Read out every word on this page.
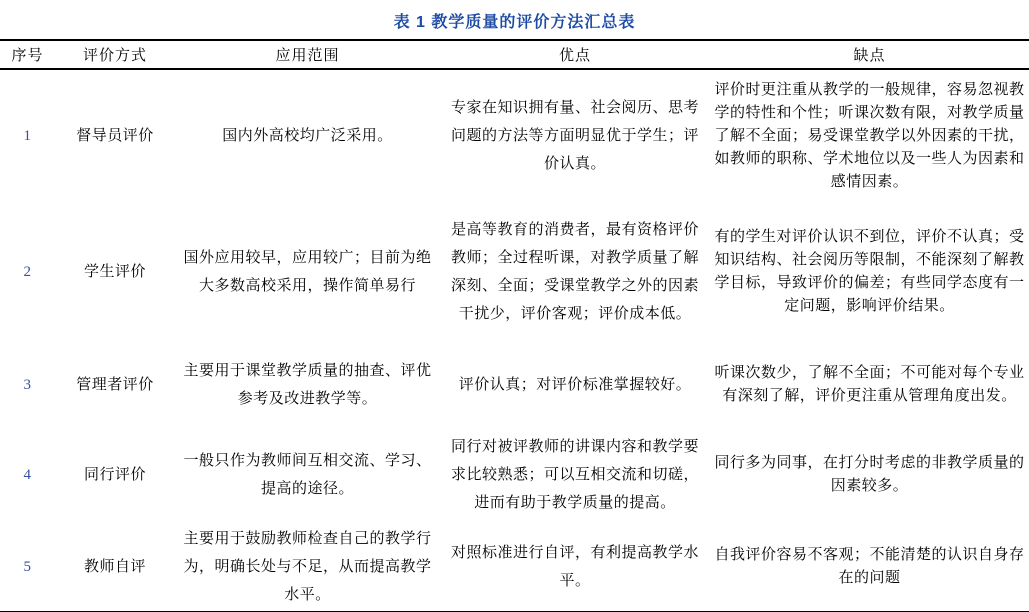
表 1 教学质量的评价方法汇总表
序号	评价方式	应用范围	优点	缺点
1	督导员评价	国内外高校均广泛采用。	专家在知识拥有量、社会阅历、思考问题的方法等方面明显优于学生；评价认真。	评价时更注重从教学的一般规律，容易忽视教学的特性和个性；听课次数有限，对教学质量了解不全面；易受课堂教学以外因素的干扰，如教师的职称、学术地位以及一些人为因素和感情因素。
2	学生评价	国外应用较早，应用较广；目前为绝大多数高校采用，操作简单易行	是高等教育的消费者，最有资格评价教师；全过程听课，对教学质量了解深刻、全面；受课堂教学之外的因素干扰少，评价客观；评价成本低。	有的学生对评价认识不到位，评价不认真；受知识结构、社会阅历等限制，不能深刻了解教学目标，导致评价的偏差；有些同学态度有一定问题，影响评价结果。
3	管理者评价	主要用于课堂教学质量的抽查、评优参考及改进教学等。	评价认真；对评价标准掌握较好。	听课次数少，了解不全面；不可能对每个专业有深刻了解，评价更注重从管理角度出发。
4	同行评价	一般只作为教师间互相交流、学习、提高的途径。	同行对被评教师的讲课内容和教学要求比较熟悉；可以互相交流和切磋，进而有助于教学质量的提高。	同行多为同事，在打分时考虑的非教学质量的因素较多。
5	教师自评	主要用于鼓励教师检查自己的教学行为，明确长处与不足，从而提高教学水平。	对照标准进行自评，有利提高教学水平。	自我评价容易不客观；不能清楚的认识自身存在的问题
